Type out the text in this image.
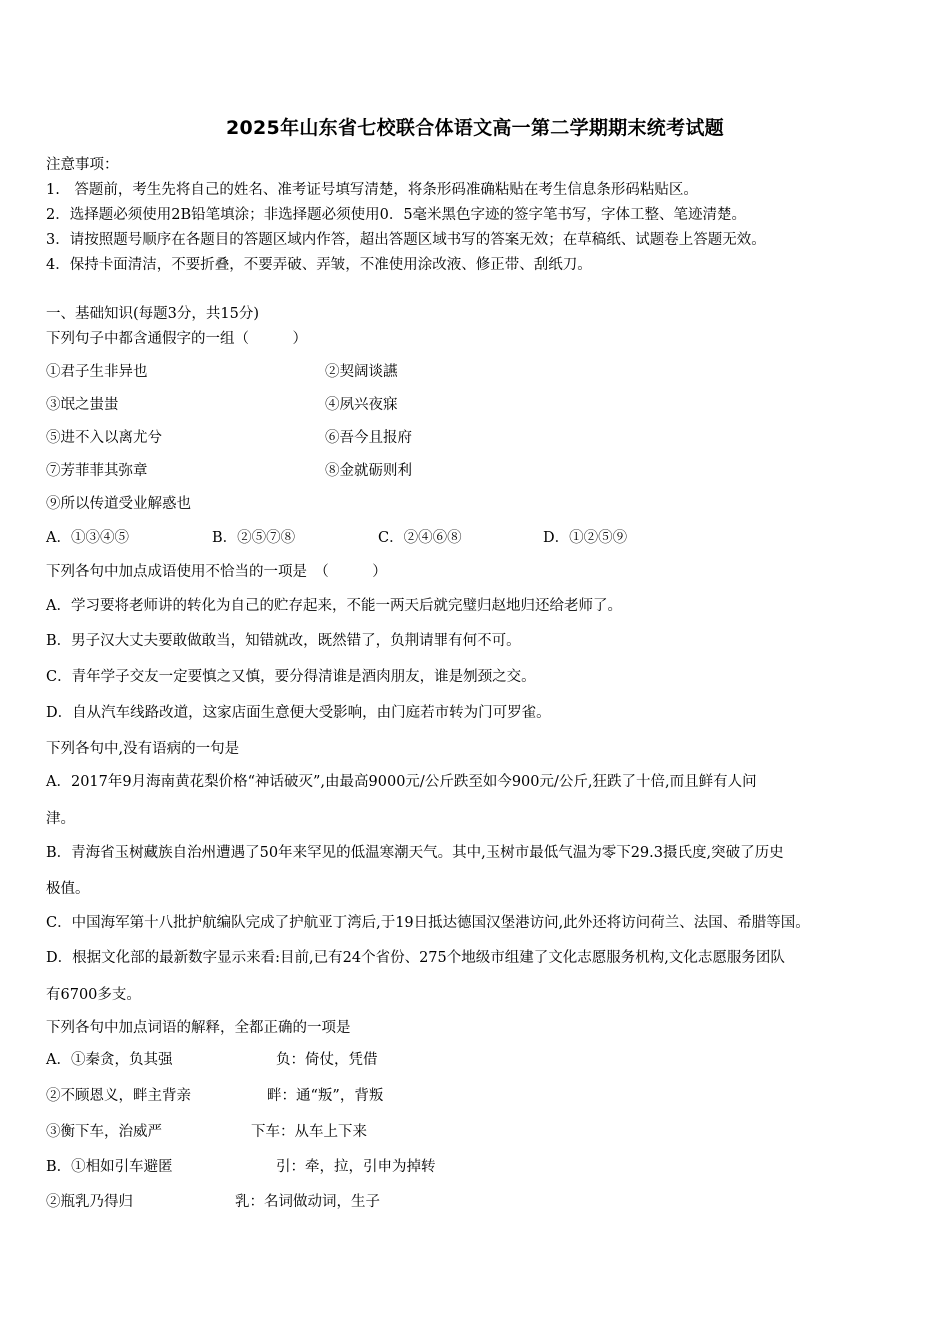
2025年山东省七校联合体语文高一第二学期期末统考试题
注意事项：
1.　答题前，考生先将自己的姓名、准考证号填写清楚，将条形码准确粘贴在考生信息条形码粘贴区。
2．选择题必须使用2B铅笔填涂；非选择题必须使用0．5毫米黑色字迹的签字笔书写，字体工整、笔迹清楚。
3．请按照题号顺序在各题目的答题区域内作答，超出答题区域书写的答案无效；在草稿纸、试题卷上答题无效。
4．保持卡面清洁，不要折叠，不要弄破、弄皱，不准使用涂改液、修正带、刮纸刀。
一、基础知识(每题3分，共15分)
下列句子中都含通假字的一组（　　　）
①君子生非异也	②契阔谈讌
③氓之蚩蚩	④夙兴夜寐
⑤进不入以离尤兮	⑥吾今且报府
⑦芳菲菲其弥章	⑧金就砺则利
⑨所以传道受业解惑也
A．①③④⑤	B．②⑤⑦⑧	C．②④⑥⑧	D．①②⑤⑨
下列各句中加点成语使用不恰当的一项是　（　　　）
A．学习要将老师讲的转化为自己的贮存起来，不能一两天后就完璧归赵地归还给老师了。
B．男子汉大丈夫要敢做敢当，知错就改，既然错了，负荆请罪有何不可。
C．青年学子交友一定要慎之又慎，要分得清谁是酒肉朋友，谁是刎颈之交。
D．自从汽车线路改道，这家店面生意便大受影响，由门庭若市转为门可罗雀。
下列各句中,没有语病的一句是
A．2017年9月海南黄花梨价格“神话破灭”,由最高9000元/公斤跌至如今900元/公斤,狂跌了十倍,而且鲜有人问
津。
B．青海省玉树藏族自治州遭遇了50年来罕见的低温寒潮天气。其中,玉树市最低气温为零下29.3摄氏度,突破了历史
极值。
C．中国海军第十八批护航编队完成了护航亚丁湾后,于19日抵达德国汉堡港访问,此外还将访问荷兰、法国、希腊等国。
D．根据文化部的最新数字显示来看:目前,已有24个省份、275个地级市组建了文化志愿服务机构,文化志愿服务团队
有6700多支。
下列各句中加点词语的解释，全都正确的一项是
A．①秦贪，负其强	负：倚仗，凭借
②不顾恩义，畔主背亲	畔：通“叛”，背叛
③衡下车，治威严	下车：从车上下来
B．①相如引车避匿	引：牵，拉，引申为掉转
②瓶乳乃得归	乳：名词做动词，生子
